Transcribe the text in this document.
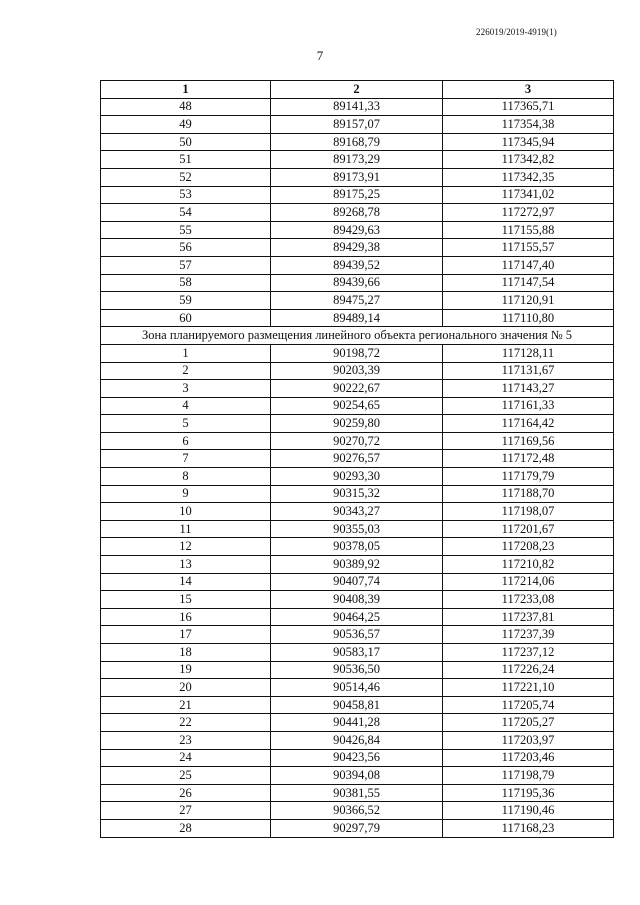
226019/2019-4919(1)
7
1	2	3
48	89141,33	117365,71
49	89157,07	117354,38
50	89168,79	117345,94
51	89173,29	117342,82
52	89173,91	117342,35
53	89175,25	117341,02
54	89268,78	117272,97
55	89429,63	117155,88
56	89429,38	117155,57
57	89439,52	117147,40
58	89439,66	117147,54
59	89475,27	117120,91
60	89489,14	117110,80
Зона планируемого размещения линейного объекта регионального значения № 5		
1	90198,72	117128,11
2	90203,39	117131,67
3	90222,67	117143,27
4	90254,65	117161,33
5	90259,80	117164,42
6	90270,72	117169,56
7	90276,57	117172,48
8	90293,30	117179,79
9	90315,32	117188,70
10	90343,27	117198,07
11	90355,03	117201,67
12	90378,05	117208,23
13	90389,92	117210,82
14	90407,74	117214,06
15	90408,39	117233,08
16	90464,25	117237,81
17	90536,57	117237,39
18	90583,17	117237,12
19	90536,50	117226,24
20	90514,46	117221,10
21	90458,81	117205,74
22	90441,28	117205,27
23	90426,84	117203,97
24	90423,56	117203,46
25	90394,08	117198,79
26	90381,55	117195,36
27	90366,52	117190,46
28	90297,79	117168,23
